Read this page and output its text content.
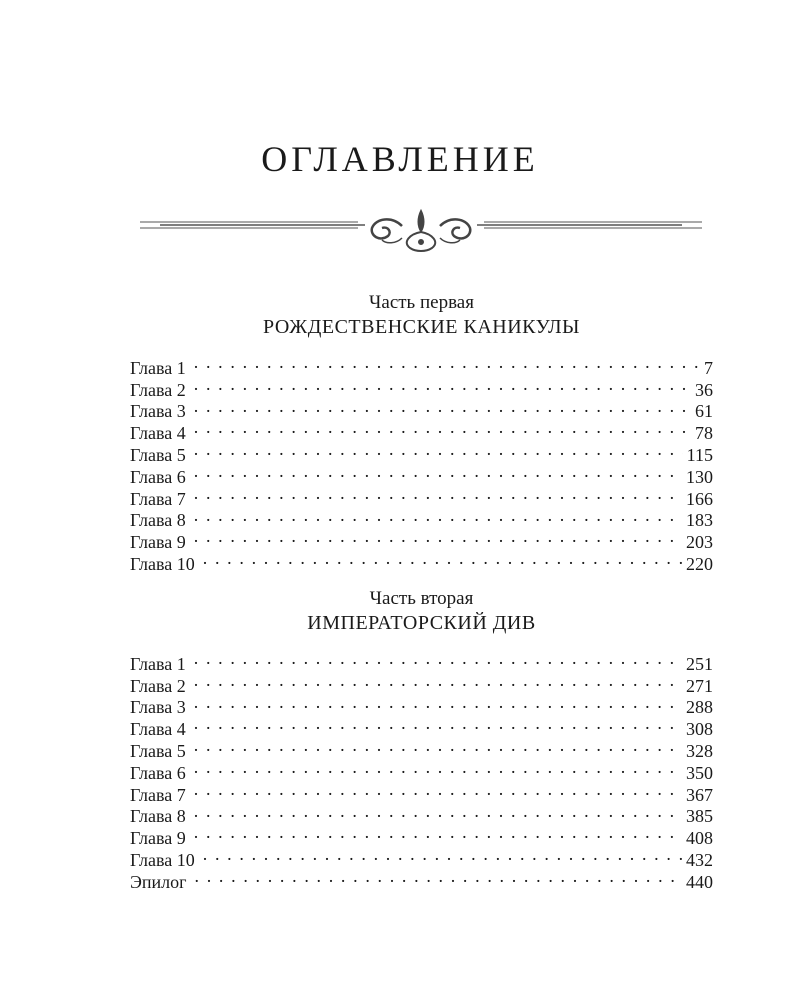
ОГЛАВЛЕНИЕ
Часть первая
РОЖДЕСТВЕНСКИЕ КАНИКУЛЫ
Глава 1 . . .	7
Глава 2 . . .	36
Глава 3 . . .	61
Глава 4 . . .	78
Глава 5 . . .	115
Глава 6 . . .	130
Глава 7 . . .	166
Глава 8 . . .	183
Глава 9 . . .	203
Глава 10 . . .	220
Часть вторая
ИМПЕРАТОРСКИЙ ДИВ
Глава 1 . . .	251
Глава 2 . . .	271
Глава 3 . . .	288
Глава 4 . . .	308
Глава 5 . . .	328
Глава 6 . . .	350
Глава 7 . . .	367
Глава 8 . . .	385
Глава 9 . . .	408
Глава 10 . . .	432
Эпилог . . .	440
